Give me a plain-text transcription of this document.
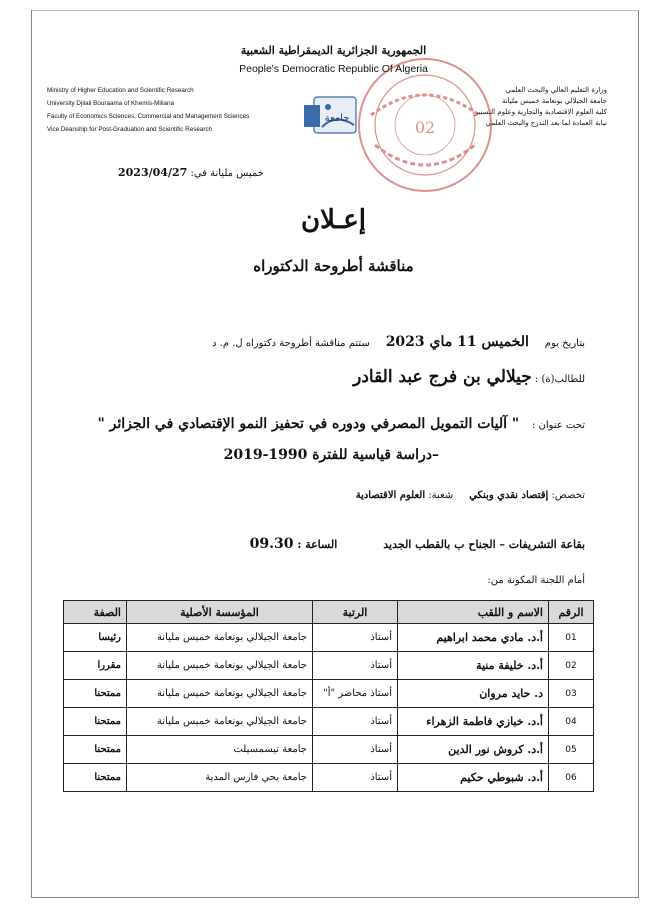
الجمهورية الجزائرية الديمقراطية الشعبية
People's Democratic Republic Of Algeria
Ministry of Higher Education and Scientific Research
University Djilali Bouraama of Khemis-Miliana
Faculty of Economics Sciences, Commercial and Management Sciences
Vice Deanship for Post-Graduation and Scientific Research
وزارة التعليم العالي والبحث العلمي
جامعة الجيلالي بونعامة خميس مليانة
كلية العلوم الاقتصادية والتجارية وعلوم التسيير
نيابة العمادة لما بعد التدرج والبحث العلمي
جامعة	02
خميس مليانة في: 2023/04/27
إعـلان
مناقشة أطروحة الدكتوراه
بتاريخ يوم     الخميس 11 ماي 2023     ستتم مناقشة أطروحة دكتوراه ل. م. د
للطالب(ة) : جيلالي بن فرج عبد القادر
تحت عنوان :    " آليات التمويل المصرفي ودوره في تحفيز النمو الإقتصادي في الجزائر "
–دراسة قياسية للفترة 1990-2019
تخصص: إقتصاد نقدي وبنكي     شعبة: العلوم الاقتصادية
بقاعة التشريفات – الجناح ب بالقطب الجديد            الساعة : 09.30
أمام اللجنة المكونة من:
الرقم	الاسم و اللقب	الرتبة	المؤسسة الأصلية	الصفة
01	أ.د. مادي محمد ابراهيم	أستاذ	جامعة الجيلالي بونعامة خميس مليانة	رئيسا
02	أ.د. خليفة منية	أستاذ	جامعة الجيلالي بونعامة خميس مليانة	مقررا
03	د. حايد مروان	أستاذ محاضر "أ"	جامعة الجيلالي بونعامة خميس مليانة	ممتحنا
04	أ.د. خبازي فاطمة الزهراء	أستاذ	جامعة الجيلالي بونعامة خميس مليانة	ممتحنا
05	أ.د. كروش نور الدين	أستاذ	جامعة تيسمسيلت	ممتحنا
06	أ.د. شبوطي حكيم	أستاذ	جامعة يحي فارس المدية	ممتحنا
